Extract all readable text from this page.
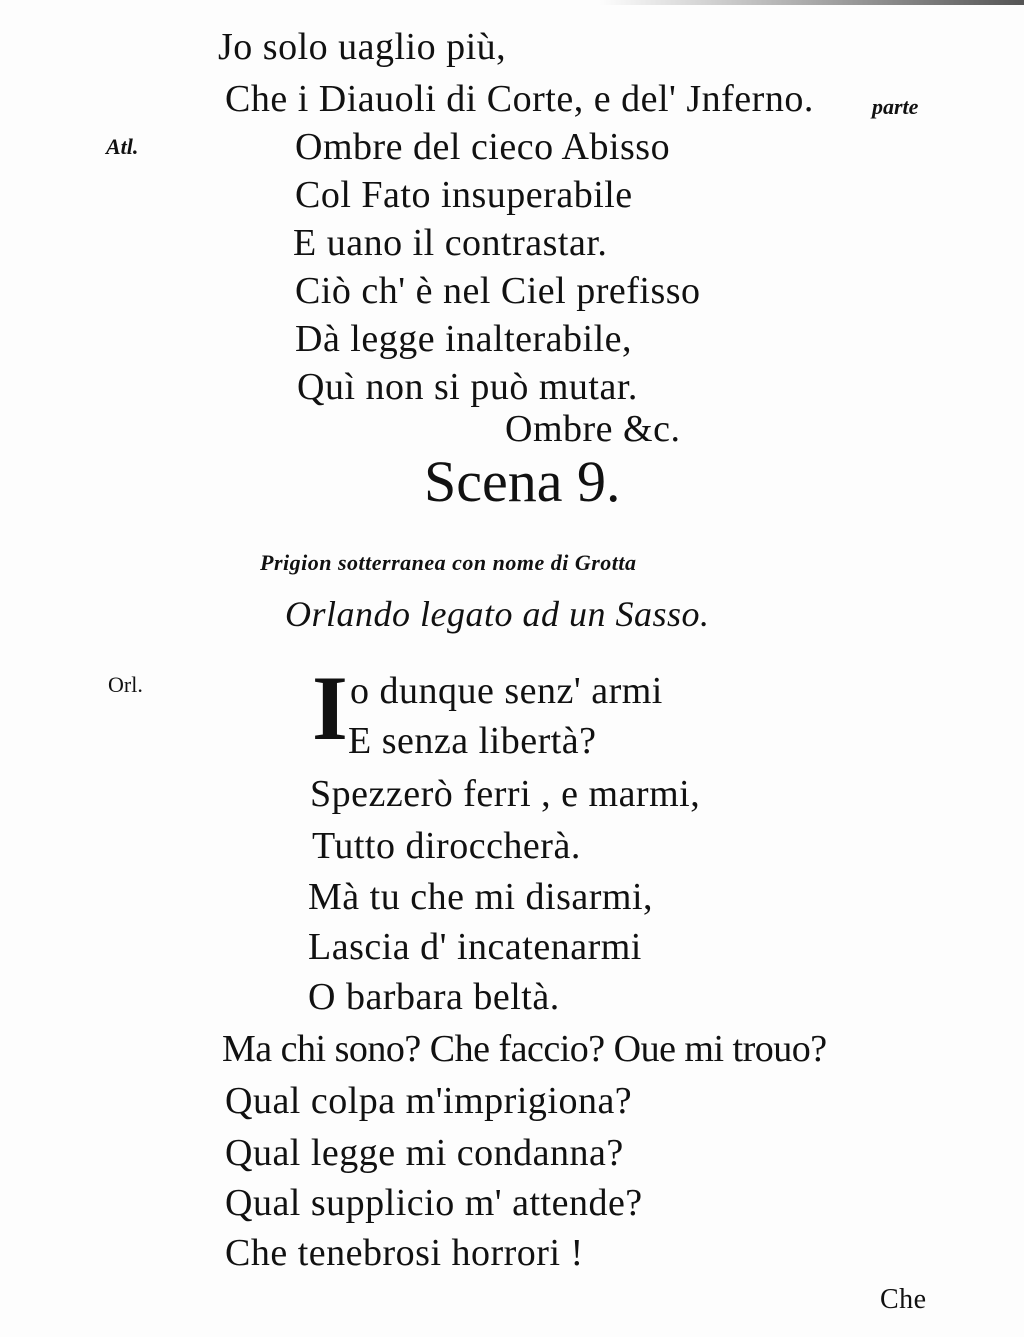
Jo solo uaglio più,
Che i Diauoli di Corte, e del' Jnferno.	parte
Atl.	Ombre del cieco Abisso
Col Fato insuperabile
E uano il contrastar.
Ciò ch' è nel Ciel prefisso
Dà legge inalterabile,
Quì non si può mutar.
Ombre &c.
Scena 9.
Prigion sotterranea con nome di Grotta
Orlando legato ad un Sasso.
Orl. I o dunque senz' armi
E senza libertà?
Spezzerò ferri , e marmi,
Tutto diroccherà.
Mà tu che mi disarmi,
Lascia d' incatenarmi
O barbara beltà.
Ma chi sono? Che faccio? Oue mi trouo?
Qual colpa m'imprigiona?
Qual legge mi condanna?
Qual supplicio m' attende?
Che tenebrosi horrori !
Che
